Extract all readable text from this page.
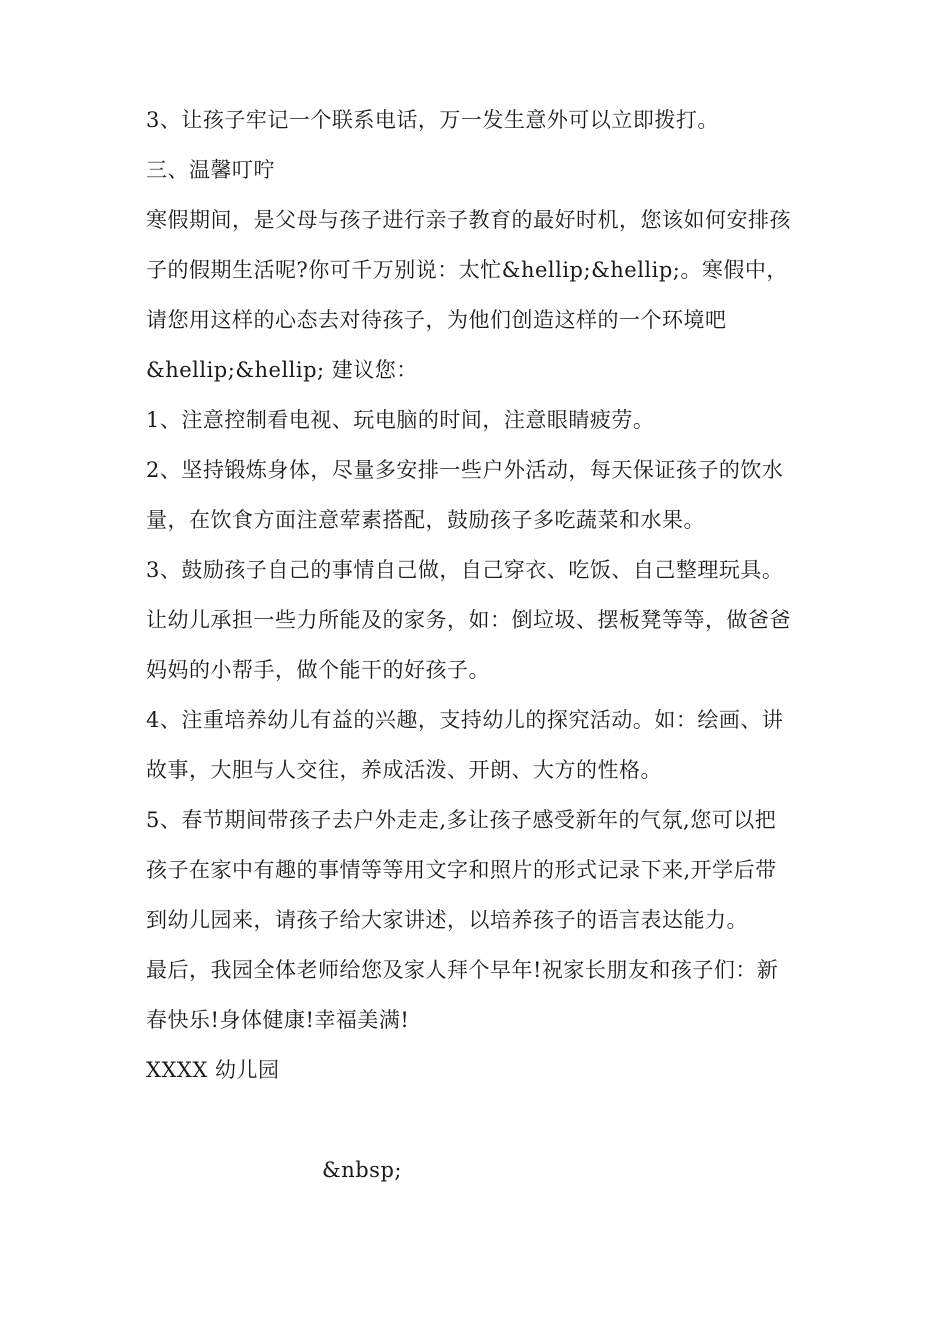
3、让孩子牢记一个联系电话，万一发生意外可以立即拨打。
三、温馨叮咛
寒假期间，是父母与孩子进行亲子教育的最好时机，您该如何安排孩
子的假期生活呢?你可千万别说：太忙&hellip;&hellip;。寒假中，
请您用这样的心态去对待孩子，为他们创造这样的一个环境吧
&hellip;&hellip; 建议您：
1、注意控制看电视、玩电脑的时间，注意眼睛疲劳。
2、坚持锻炼身体，尽量多安排一些户外活动，每天保证孩子的饮水
量，在饮食方面注意荤素搭配，鼓励孩子多吃蔬菜和水果。
3、鼓励孩子自己的事情自己做，自己穿衣、吃饭、自己整理玩具。
让幼儿承担一些力所能及的家务，如：倒垃圾、摆板凳等等，做爸爸
妈妈的小帮手，做个能干的好孩子。
4、注重培养幼儿有益的兴趣，支持幼儿的探究活动。如：绘画、讲
故事，大胆与人交往，养成活泼、开朗、大方的性格。
5、春节期间带孩子去户外走走,多让孩子感受新年的气氛,您可以把
孩子在家中有趣的事情等等用文字和照片的形式记录下来,开学后带
到幼儿园来，请孩子给大家讲述，以培养孩子的语言表达能力。
最后，我园全体老师给您及家人拜个早年!祝家长朋友和孩子们：新
春快乐!身体健康!幸福美满!
XXXX 幼儿园
&nbsp;
